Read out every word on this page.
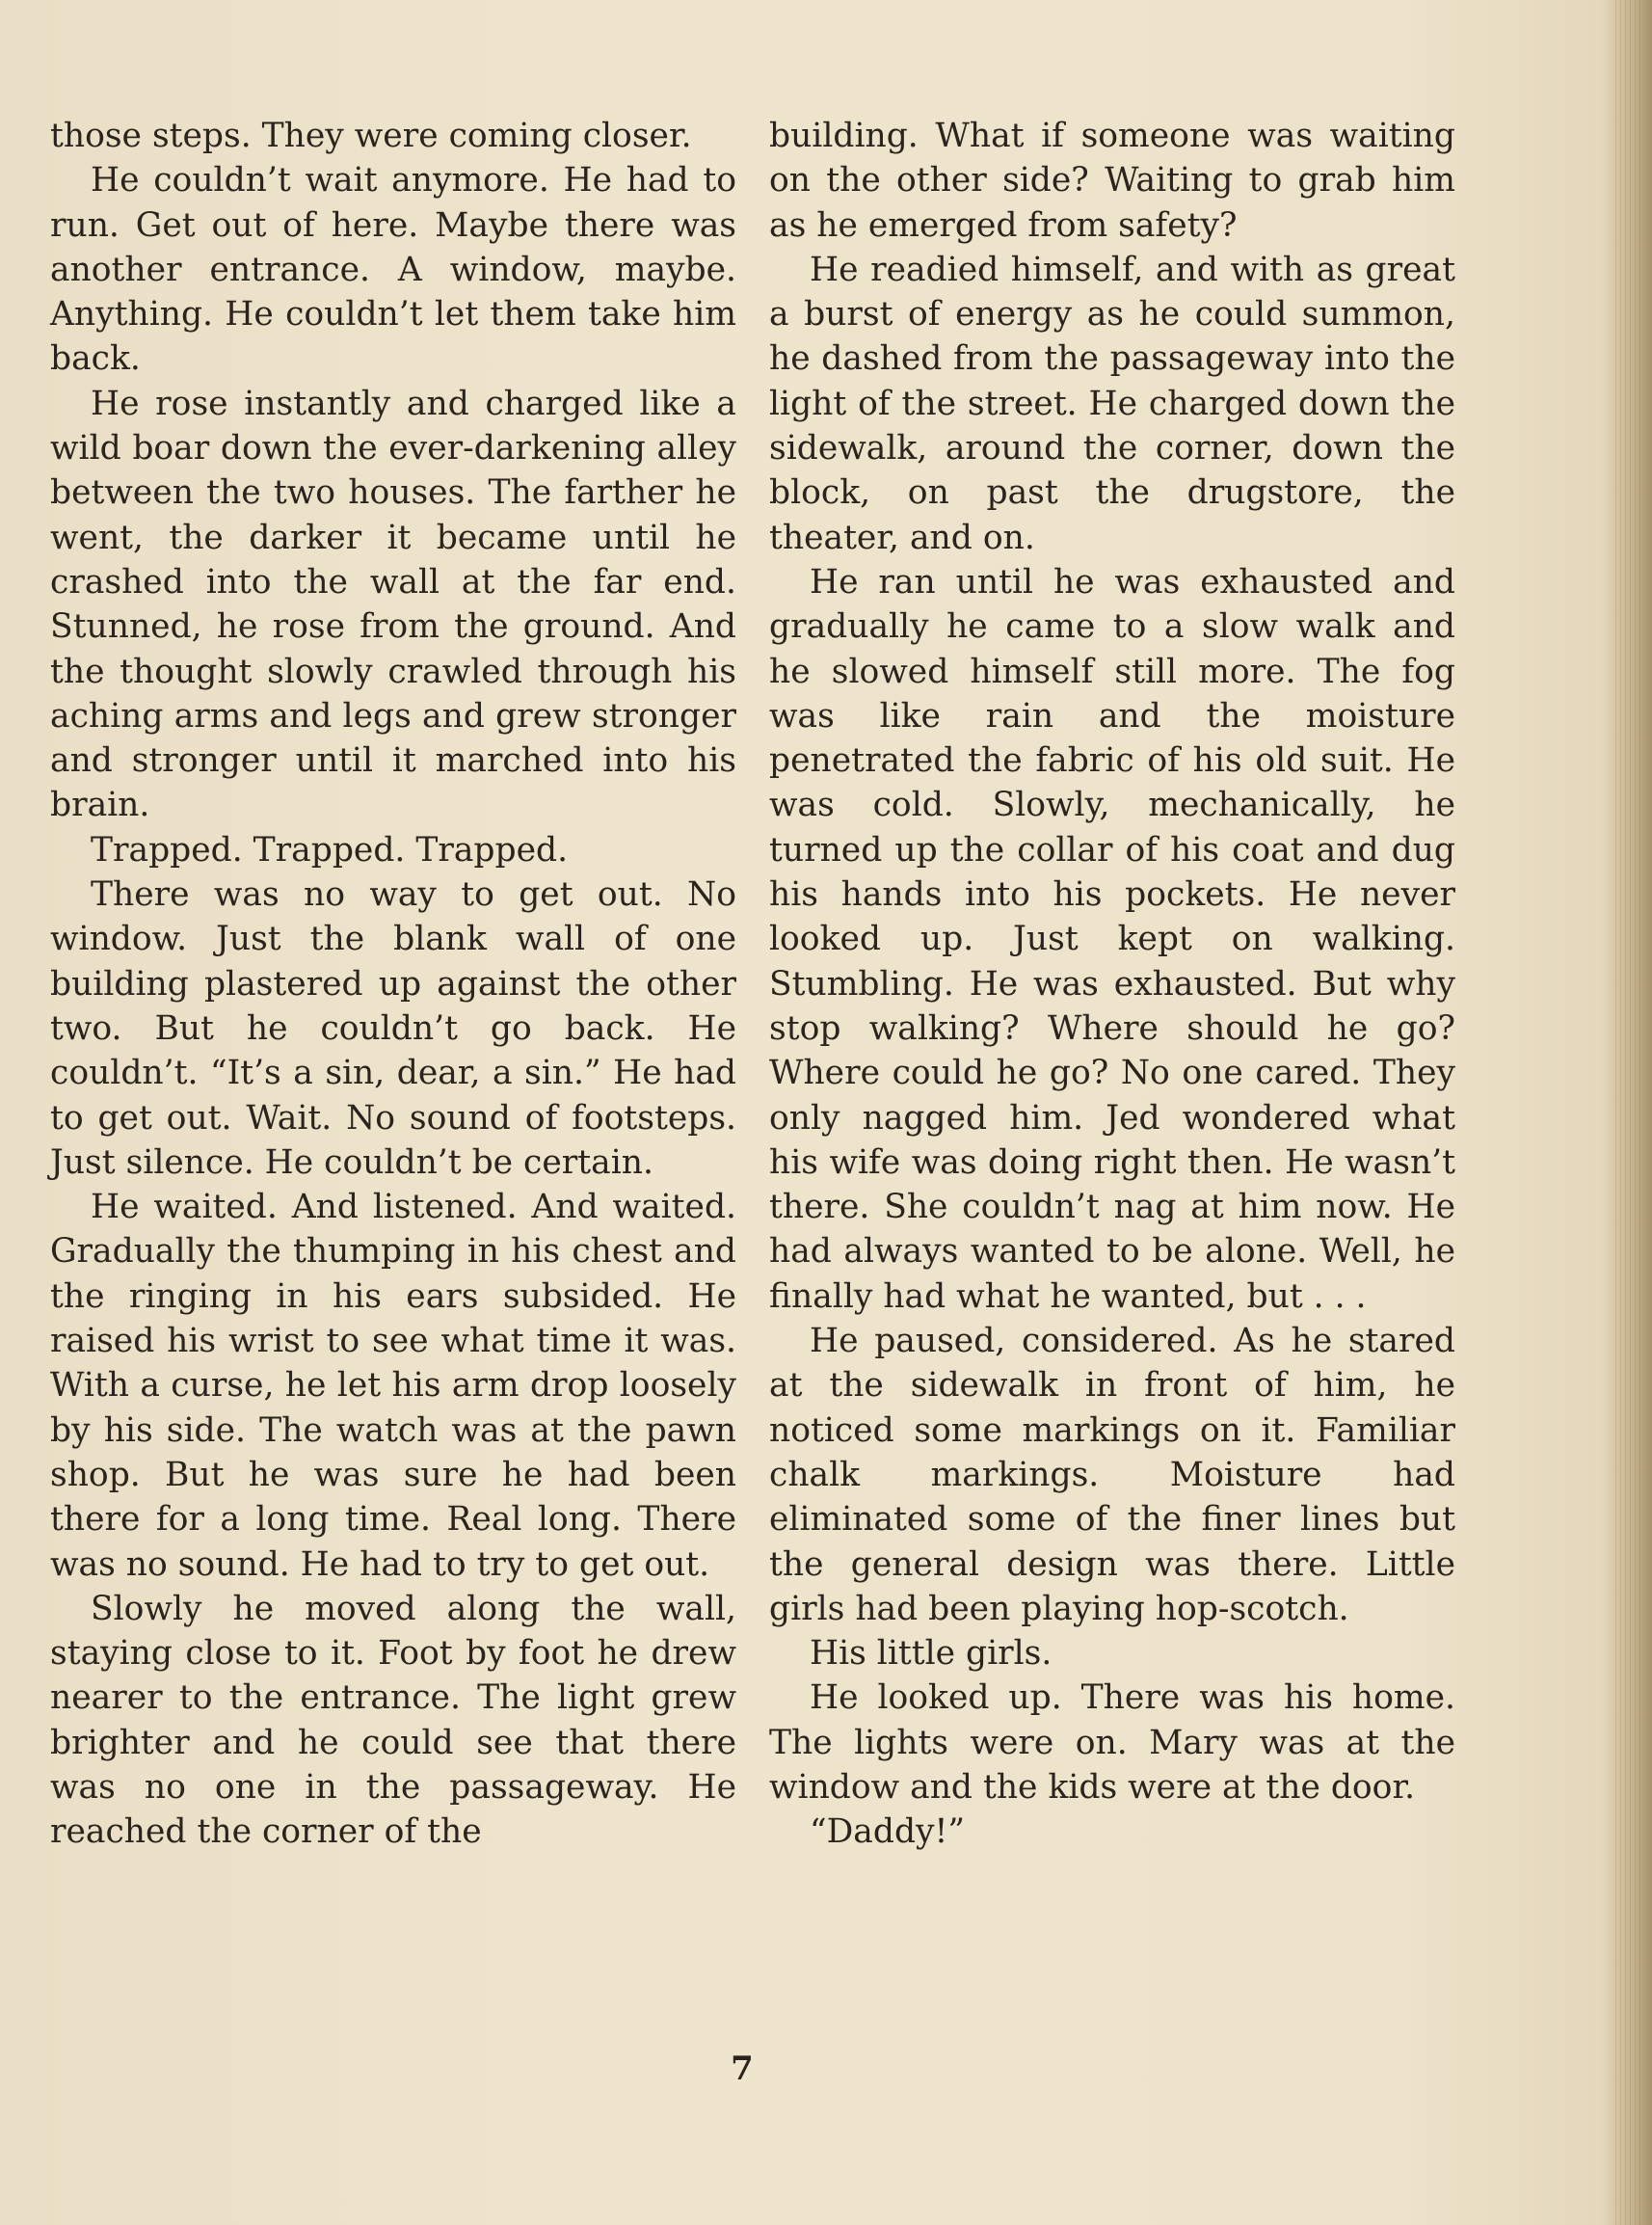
those steps. They were coming closer.

He couldn’t wait anymore. He had to run. Get out of here. Maybe there was another entrance. A window, maybe. Anything. He couldn’t let them take him back.

He rose instantly and charged like a wild boar down the ever-darkening alley between the two houses. The farther he went, the darker it became until he crashed into the wall at the far end. Stunned, he rose from the ground. And the thought slowly crawled through his aching arms and legs and grew stronger and stronger until it marched into his brain.

Trapped. Trapped. Trapped.

There was no way to get out. No window. Just the blank wall of one building plastered up against the other two. But he couldn’t go back. He couldn’t. “It’s a sin, dear, a sin.” He had to get out. Wait. No sound of footsteps. Just silence. He couldn’t be certain.

He waited. And listened. And waited. Gradually the thumping in his chest and the ringing in his ears subsided. He raised his wrist to see what time it was. With a curse, he let his arm drop loosely by his side. The watch was at the pawn shop. But he was sure he had been there for a long time. Real long. There was no sound. He had to try to get out.

Slowly he moved along the wall, staying close to it. Foot by foot he drew nearer to the entrance. The light grew brighter and he could see that there was no one in the passageway. He reached the corner of the

building. What if someone was waiting on the other side? Waiting to grab him as he emerged from safety?

He readied himself, and with as great a burst of energy as he could summon, he dashed from the passageway into the light of the street. He charged down the sidewalk, around the corner, down the block, on past the drugstore, the theater, and on.

He ran until he was exhausted and gradually he came to a slow walk and he slowed himself still more. The fog was like rain and the moisture penetrated the fabric of his old suit. He was cold. Slowly, mechanically, he turned up the collar of his coat and dug his hands into his pockets. He never looked up. Just kept on walking. Stumbling. He was exhausted. But why stop walking? Where should he go? Where could he go? No one cared. They only nagged him. Jed wondered what his wife was doing right then. He wasn’t there. She couldn’t nag at him now. He had always wanted to be alone. Well, he finally had what he wanted, but . . .

He paused, considered. As he stared at the sidewalk in front of him, he noticed some markings on it. Familiar chalk markings. Moisture had eliminated some of the finer lines but the general design was there. Little girls had been playing hop-scotch.

His little girls.

He looked up. There was his home. The lights were on. Mary was at the window and the kids were at the door.

“Daddy!”

7
